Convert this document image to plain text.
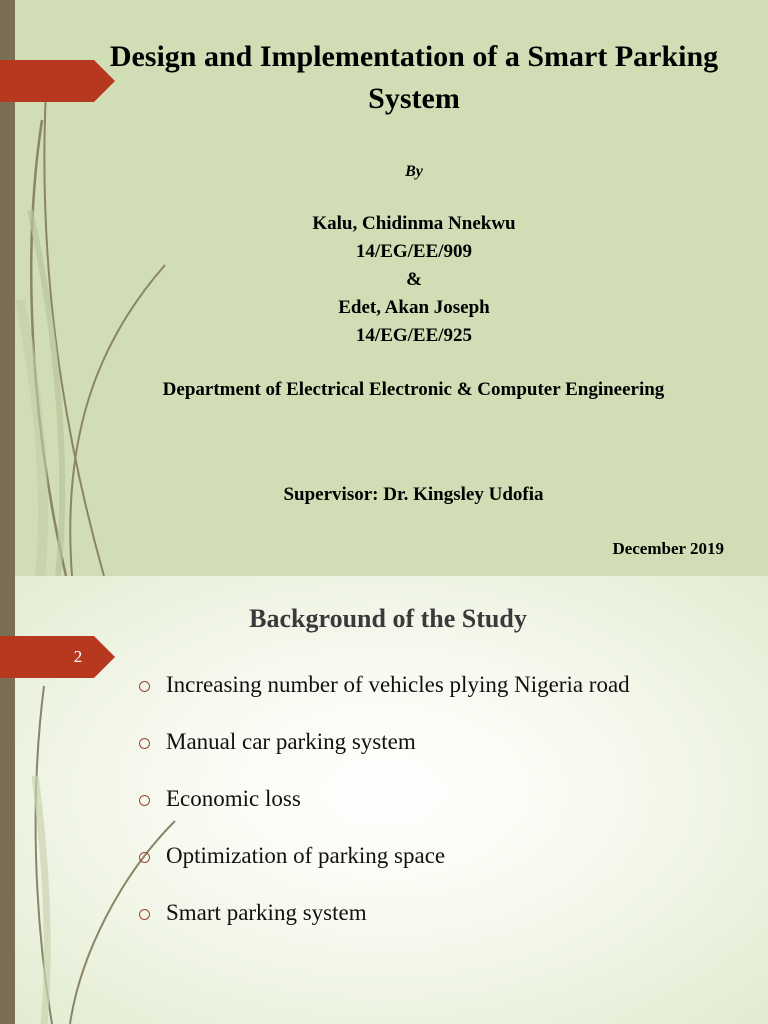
Design and Implementation of a Smart Parking System
By
Kalu, Chidinma Nnekwu
14/EG/EE/909
&
Edet, Akan Joseph
14/EG/EE/925
Department of Electrical Electronic & Computer Engineering
Supervisor: Dr. Kingsley Udofia
December 2019
2
Background of the Study
Increasing number of vehicles plying Nigeria road
Manual car parking system
Economic loss
Optimization of parking space
Smart parking system
